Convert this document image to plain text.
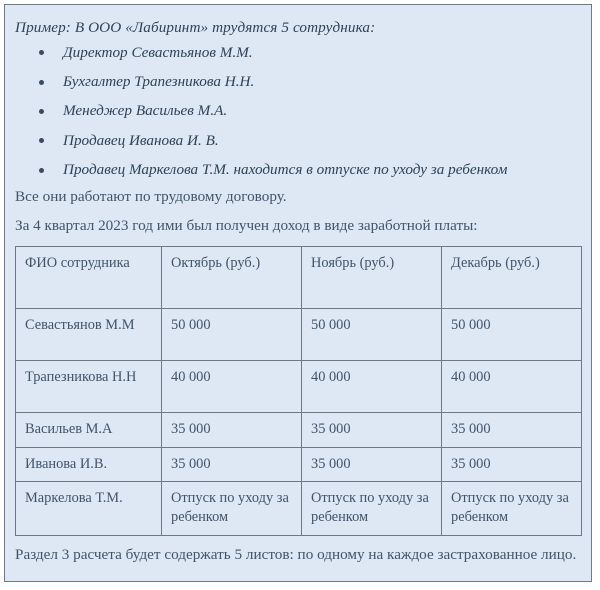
Пример: В ООО «Лабиринт» трудятся 5 сотрудника:

Директор Севастьянов М.М.
Бухгалтер Трапезникова Н.Н.
Менеджер Васильев М.А.
Продавец Иванова И. В.
Продавец Маркелова Т.М. находится в отпуске по уходу за ребенком

Все они работают по трудовому договору.

За 4 квартал 2023 год ими был получен доход в виде заработной платы:

ФИО сотрудника	Октябрь (руб.)	Ноябрь (руб.)	Декабрь (руб.)
Севастьянов М.М	50 000	50 000	50 000
Трапезникова Н.Н	40 000	40 000	40 000
Васильев М.А	35 000	35 000	35 000
Иванова И.В.	35 000	35 000	35 000
Маркелова Т.М.	Отпуск по уходу за ребенком	Отпуск по уходу за ребенком	Отпуск по уходу за ребенком

Раздел 3 расчета будет содержать 5 листов: по одному на каждое застрахованное лицо.
